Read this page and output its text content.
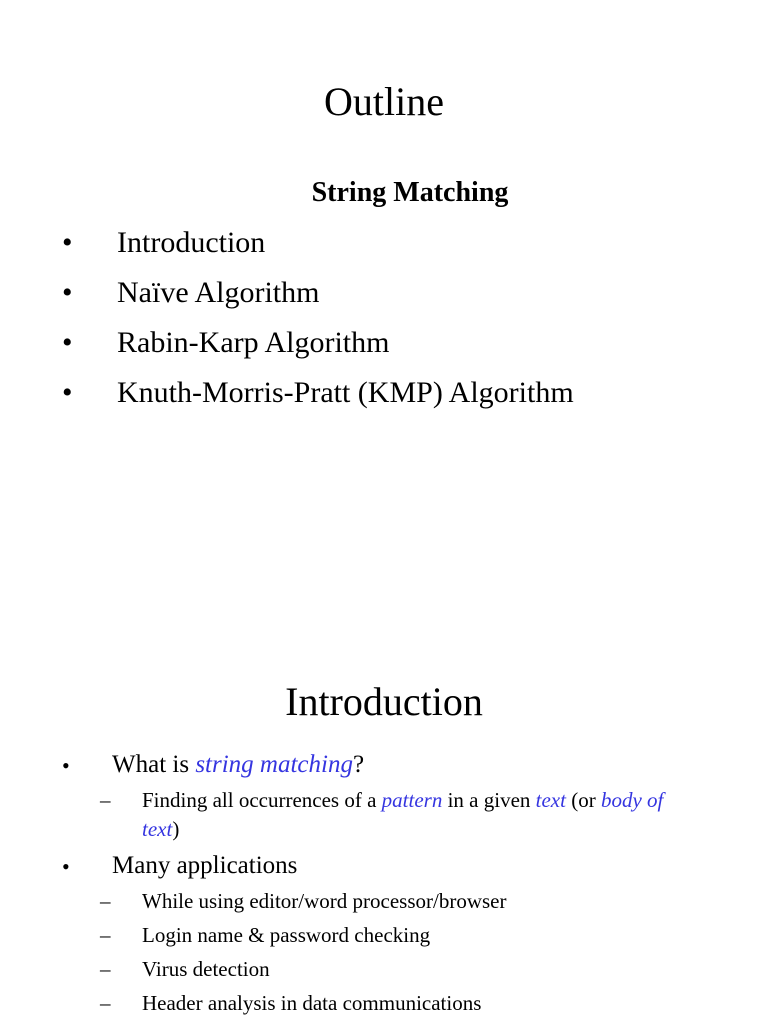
Outline
String Matching
• Introduction
• Naïve Algorithm
• Rabin-Karp Algorithm
• Knuth-Morris-Pratt (KMP) Algorithm
Introduction
• What is string matching?
– Finding all occurrences of a pattern in a given text (or body of text)
• Many applications
– While using editor/word processor/browser
– Login name & password checking
– Virus detection
– Header analysis in data communications
